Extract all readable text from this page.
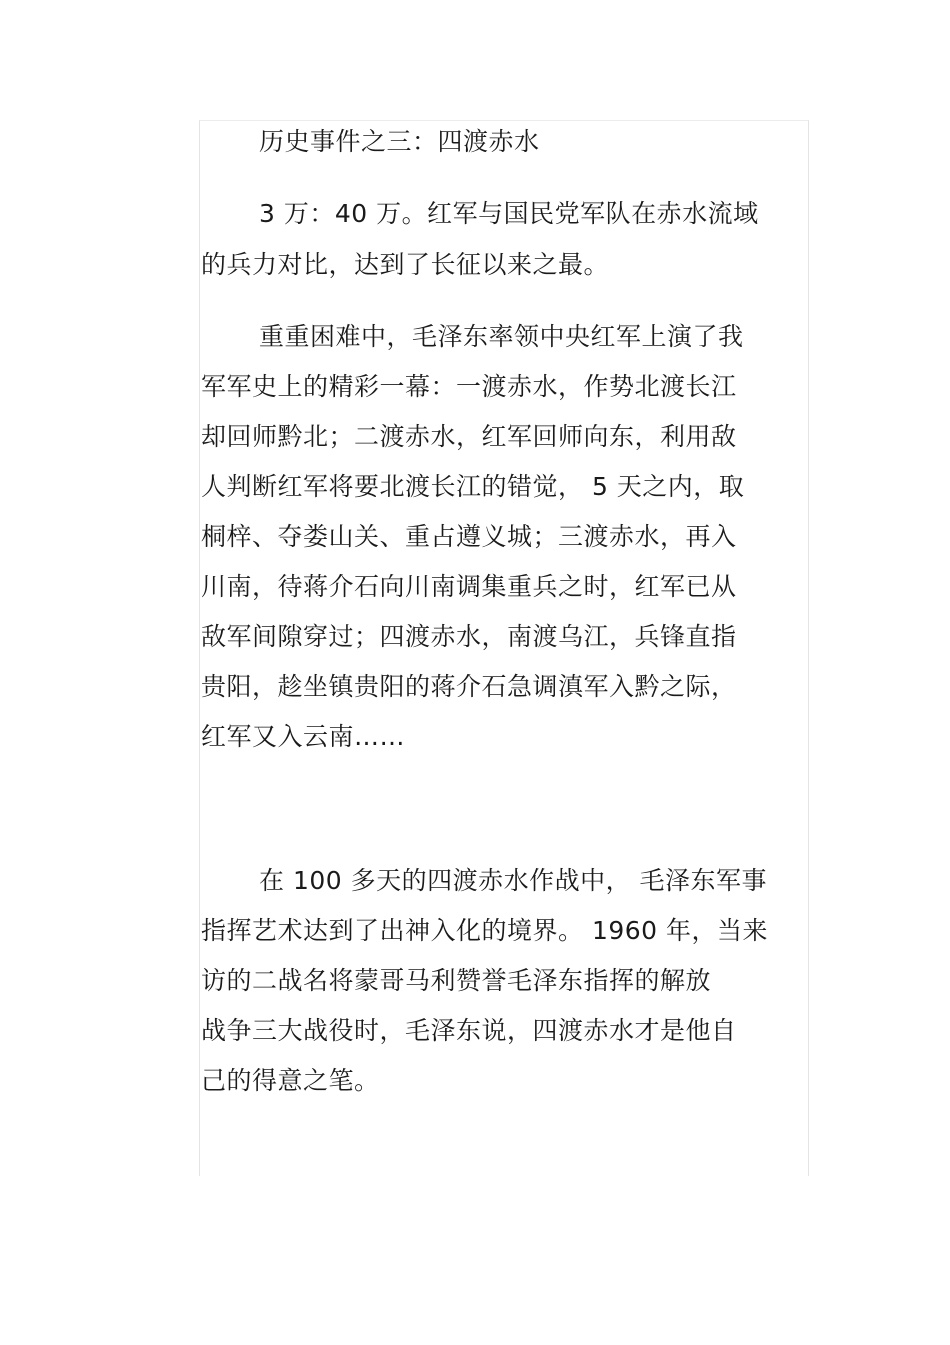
历史事件之三：四渡赤水
3 万：40 万。红军与国民党军队在赤水流域
的兵力对比，达到了长征以来之最。
重重困难中，毛泽东率领中央红军上演了我
军军史上的精彩一幕：一渡赤水，作势北渡长江
却回师黔北；二渡赤水，红军回师向东，利用敌
人判断红军将要北渡长江的错觉， 5 天之内，取
桐梓、夺娄山关、重占遵义城；三渡赤水，再入
川南，待蒋介石向川南调集重兵之时，红军已从
敌军间隙穿过；四渡赤水，南渡乌江，兵锋直指
贵阳，趁坐镇贵阳的蒋介石急调滇军入黔之际，
红军又入云南……
在 100 多天的四渡赤水作战中， 毛泽东军事
指挥艺术达到了出神入化的境界。 1960 年，当来
访的二战名将蒙哥马利赞誉毛泽东指挥的解放
战争三大战役时，毛泽东说，四渡赤水才是他自
己的得意之笔。
